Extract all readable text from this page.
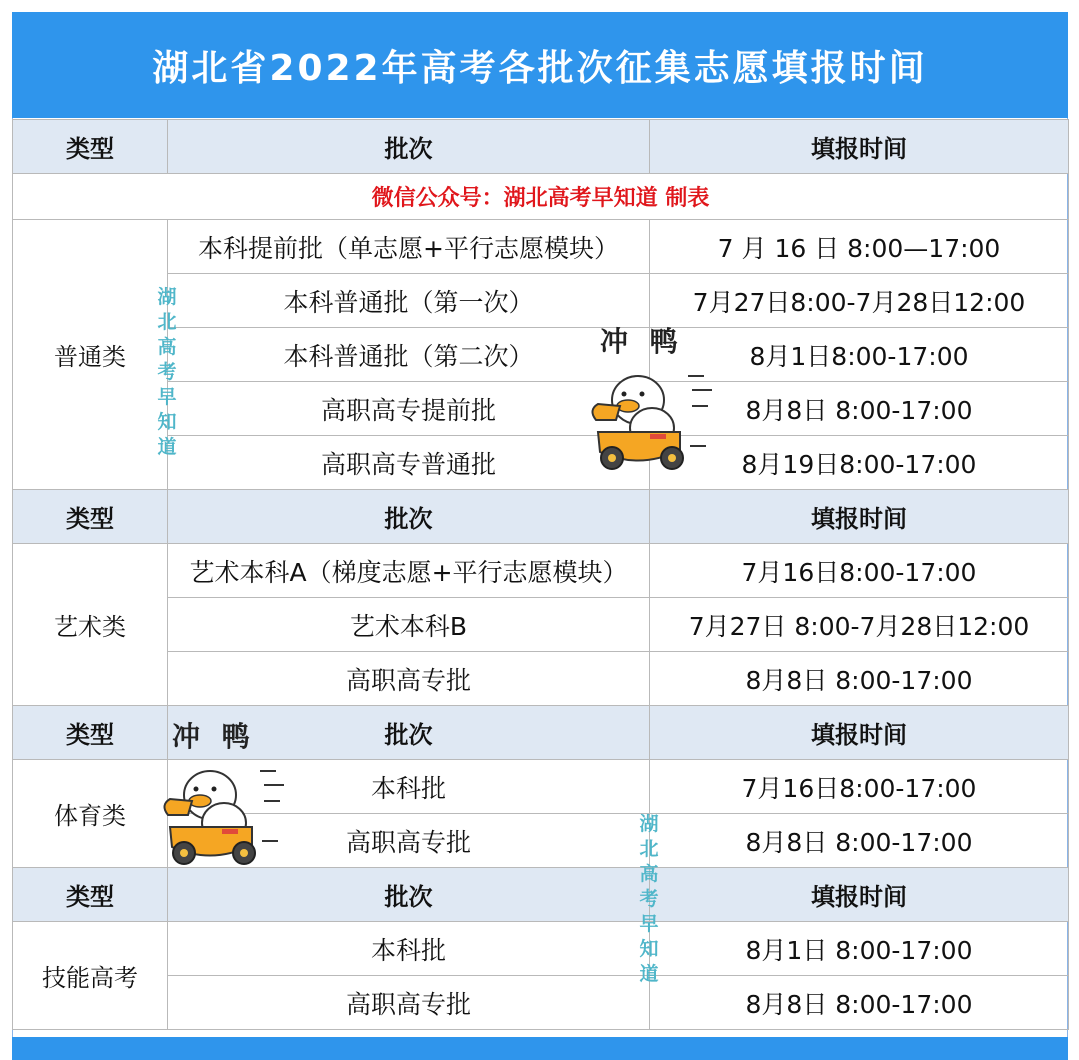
湖北省2022年高考各批次征集志愿填报时间
类型	批次	填报时间
微信公众号：湖北高考早知道 制表		
普通类	本科提前批（单志愿+平行志愿模块）	7 月 16 日 8:00—17:00
	本科普通批（第一次）	7月27日8:00-7月28日12:00
	本科普通批（第二次）	8月1日8:00-17:00
	高职高专提前批	8月8日 8:00-17:00
	高职高专普通批	8月19日8:00-17:00
类型	批次	填报时间
艺术类	艺术本科A（梯度志愿+平行志愿模块）	7月16日8:00-17:00
	艺术本科B	7月27日 8:00-7月28日12:00
	高职高专批	8月8日 8:00-17:00
类型	批次	填报时间
体育类	本科批	7月16日8:00-17:00
	高职高专批	8月8日 8:00-17:00
类型	批次	填报时间
技能高考	本科批	8月1日 8:00-17:00
	高职高专批	8月8日 8:00-17:00
湖
北
高
考
早
知
道
湖
北
高
考
早
知
道
冲 鸭
冲 鸭
